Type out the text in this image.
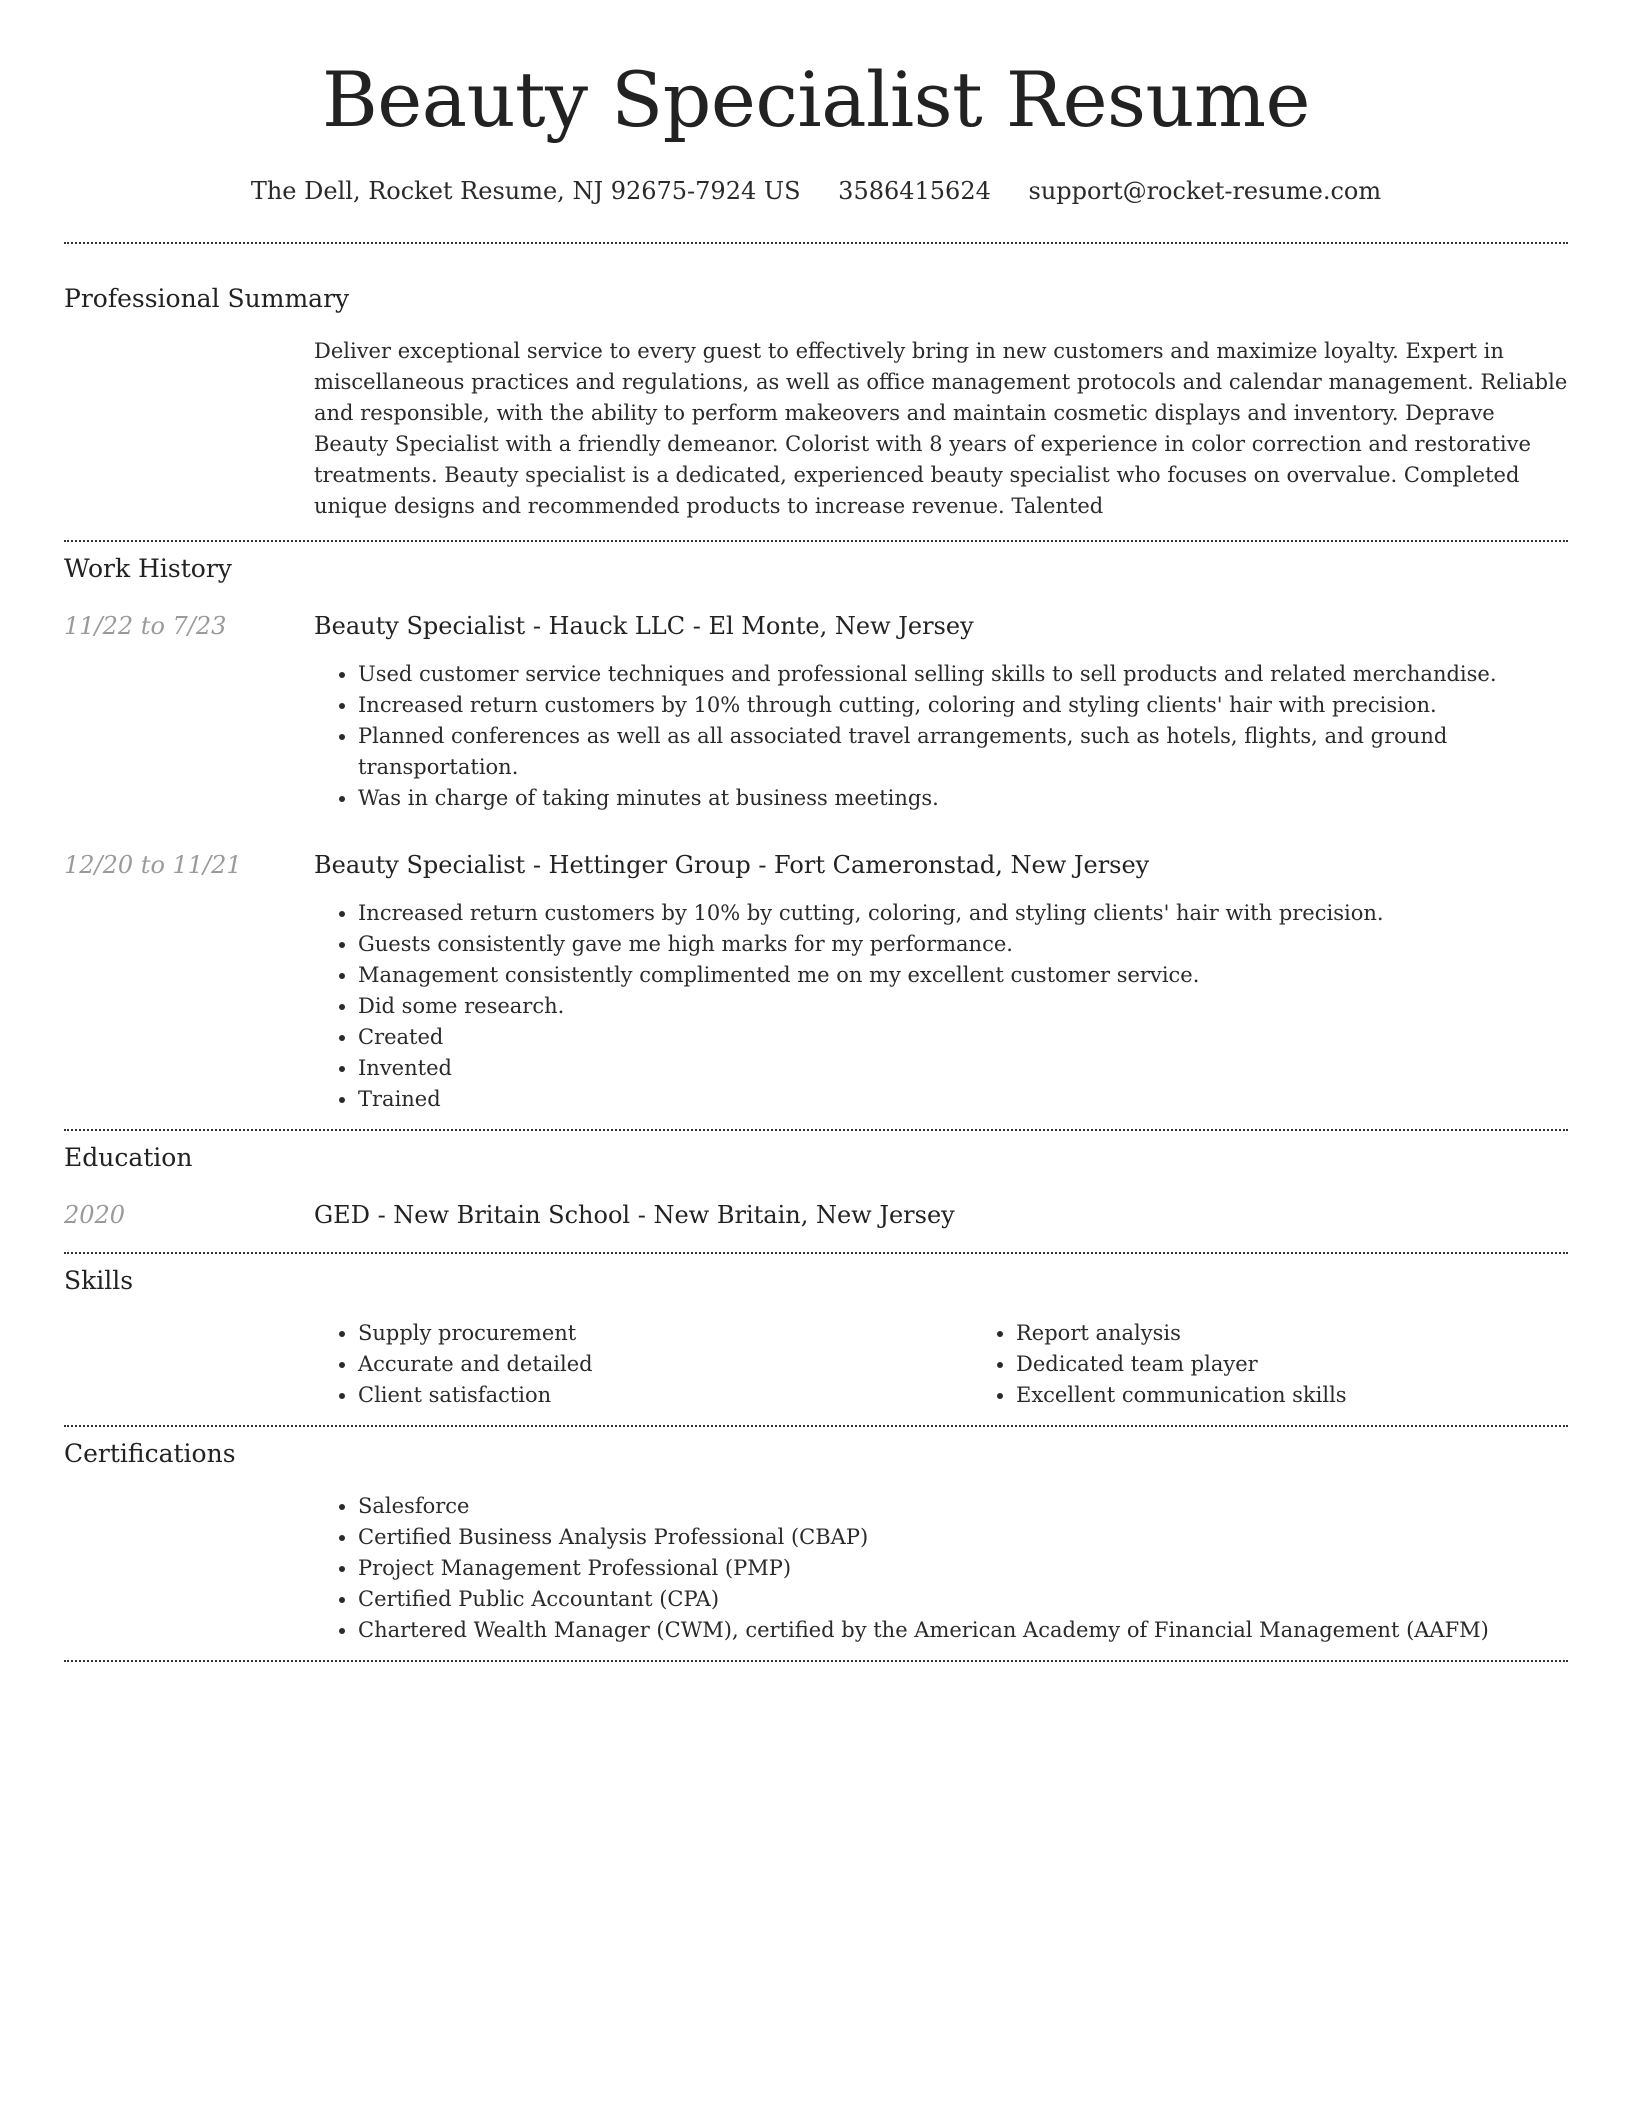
Beauty Specialist Resume
The Dell, Rocket Resume, NJ 92675-7924 US 3586415624 support@rocket-resume.com
Professional Summary

Deliver exceptional service to every guest to effectively bring in new customers and maximize loyalty. Expert in miscellaneous practices and regulations, as well as office management protocols and calendar management. Reliable and responsible, with the ability to perform makeovers and maintain cosmetic displays and inventory. Deprave Beauty Specialist with a friendly demeanor. Colorist with 8 years of experience in color correction and restorative treatments. Beauty specialist is a dedicated, experienced beauty specialist who focuses on overvalue. Completed unique designs and recommended products to increase revenue. Talented

Work History
11/22 to 7/23	Beauty Specialist - Hauck LLC - El Monte, New Jersey
• Used customer service techniques and professional selling skills to sell products and related merchandise.
• Increased return customers by 10% through cutting, coloring and styling clients' hair with precision.
• Planned conferences as well as all associated travel arrangements, such as hotels, flights, and ground transportation.
• Was in charge of taking minutes at business meetings.
12/20 to 11/21	Beauty Specialist - Hettinger Group - Fort Cameronstad, New Jersey
• Increased return customers by 10% by cutting, coloring, and styling clients' hair with precision.
• Guests consistently gave me high marks for my performance.
• Management consistently complimented me on my excellent customer service.
• Did some research.
• Created
• Invented
• Trained
Education
2020	GED - New Britain School - New Britain, New Jersey
Skills
• Supply procurement
• Accurate and detailed
• Client satisfaction
• Report analysis
• Dedicated team player
• Excellent communication skills
Certifications
• Salesforce
• Certified Business Analysis Professional (CBAP)
• Project Management Professional (PMP)
• Certified Public Accountant (CPA)
• Chartered Wealth Manager (CWM), certified by the American Academy of Financial Management (AAFM)
